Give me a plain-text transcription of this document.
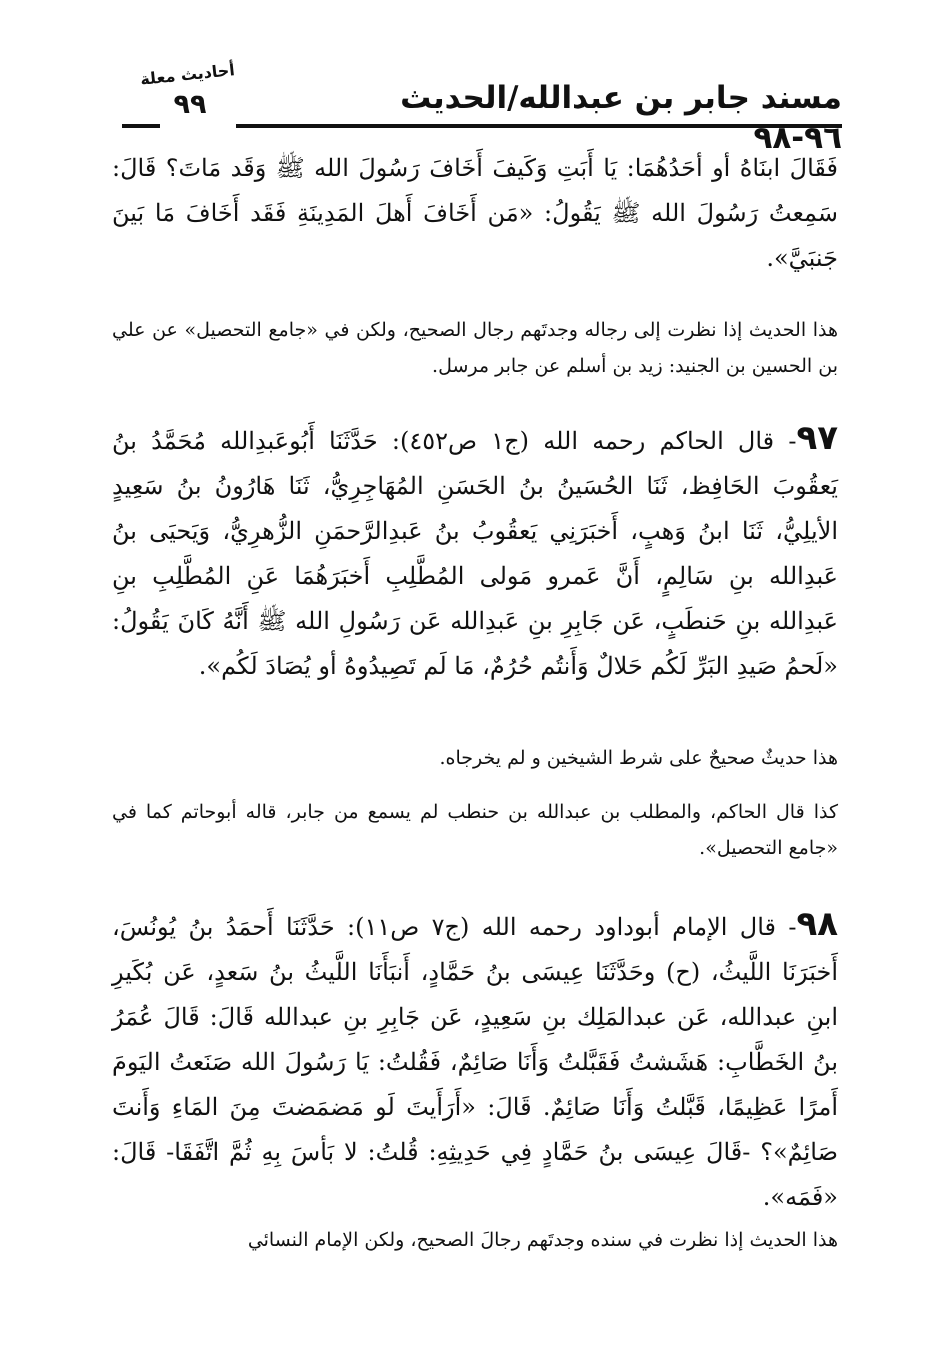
مسند جابر بن عبدالله/الحديث ٩٦-٩٨
أحاديث معلة
٩٩
فَقَالَ ابنَاهُ أو أحَدُهُمَا: يَا أَبَتِ وَكَيفَ أَخَافَ رَسُولَ الله ﷺ وَقَد مَاتَ؟ قَالَ: سَمِعتُ رَسُولَ الله ﷺ يَقُولُ: «مَن أَخَافَ أَهلَ المَدِينَةِ فَقَد أَخَافَ مَا بَينَ جَنبَيَّ».
هذا الحديث إذا نظرت إلى رجاله وجدتَهم رجال الصحيح، ولكن في «جامع التحصيل» عن علي بن الحسين بن الجنيد: زيد بن أسلم عن جابر مرسل.
٩٧- قال الحاكم رحمه الله (ج١ ص٤٥٢): حَدَّثَنَا أَبُوعَبدِالله مُحَمَّدُ بنُ يَعقُوبَ الحَافِظ، ثَنَا الحُسَينُ بنُ الحَسَنِ المُهَاجِرِيُّ، ثَنَا هَارُونُ بنُ سَعِيدٍ الأيلِيُّ، ثَنَا ابنُ وَهبٍ، أَخبَرَنِي يَعقُوبُ بنُ عَبدِالرَّحمَنِ الزُّهرِيُّ، وَيَحيَى بنُ عَبدِالله بنِ سَالِمٍ، أَنَّ عَمرو مَولى المُطَّلِبِ أَخبَرَهُمَا عَنِ المُطَّلِبِ بنِ عَبدِالله بنِ حَنطَبٍ، عَن جَابِرِ بنِ عَبدِالله عَن رَسُولِ الله ﷺ أَنَّهُ كَانَ يَقُولُ: «لَحمُ صَيدِ البَرِّ لَكُم حَلالٌ وَأَنتُم حُرُمٌ، مَا لَم تَصِيدُوهُ أو يُصَادَ لَكُم».
هذا حديثٌ صحيحٌ على شرط الشيخين و لم يخرجاه.
كذا قال الحاكم، والمطلب بن عبدالله بن حنطب لم يسمع من جابر، قاله أبوحاتم كما في «جامع التحصيل».
٩٨- قال الإمام أبوداود رحمه الله (ج٧ ص١١): حَدَّثَنَا أَحمَدُ بنُ يُونُسَ، أَخبَرَنَا اللَّيثُ، (ح) وحَدَّثَنَا عِيسَى بنُ حَمَّادٍ، أَنبَأَنَا اللَّيثُ بنُ سَعدٍ، عَن بُكَيرِ ابنِ عبدالله، عَن عبدالمَلِك بنِ سَعِيدٍ، عَن جَابِرِ بنِ عبدالله قَالَ: قَالَ عُمَرُ بنُ الخَطَّابِ: هَشَشتُ فَقَبَّلتُ وَأَنَا صَائِمٌ، فَقُلتُ: يَا رَسُولَ الله صَنَعتُ اليَومَ أَمرًا عَظِيمًا، قَبَّلتُ وَأَنَا صَائِمٌ. قَالَ: «أَرَأَيتَ لَو مَضمَضتَ مِنَ المَاءِ وَأَنتَ صَائِمٌ»؟ -قَالَ عِيسَى بنُ حَمَّادٍ فِي حَدِيثِهِ: قُلتُ: لا بَأسَ بِهِ ثُمَّ اتَّفَقَا- قَالَ: «فَمَه».
هذا الحديث إذا نظرت في سنده وجدتَهم رجالَ الصحيح، ولكن الإمام النسائي
